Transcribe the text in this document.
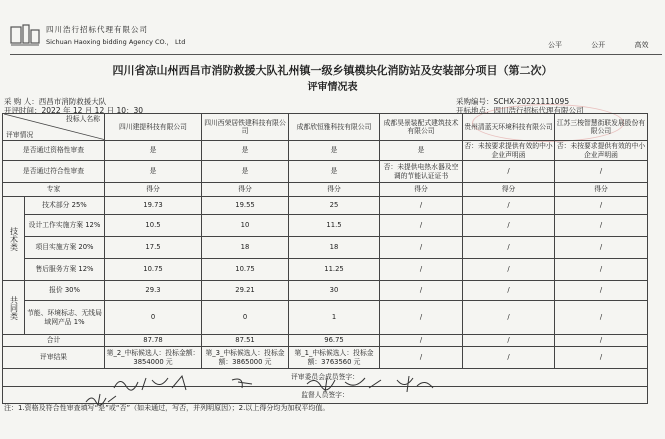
四川浩行招标代理有限公司
Sichuan Haoxing bidding Agency CO.， Ltd	公平	公开	高效
四川省凉山州西昌市消防救援大队礼州镇一级乡镇模块化消防站及安装部分项目（第二次）
评审情况表
采 购 人：西昌市消防救援大队
开评时间：2022 年 12 月 12 日 10：30
采购编号：SCHX-20221111095
开标地点：四川浩行招标代理有限公司
投标人名称
评审情况		四川建提科技有限公司	四川西荣居铁建科技有限公司	成都欣恒雅科技有限公司	成都昊景装配式建筑技术有限公司	贵州清蓝天环境科技有限公司	江苏三梭智慧街联发展股份有限公司
是否通过资格性审查		是	是	是	是	否：未按要求提供有效的中小企业声明函	否：未按要求提供有效的中小企业声明函
是否通过符合性审查		是	是	是	否：未提供电热水器及空调的节能认证证书	/	/
专家		得分	得分	得分	得分	得分	得分
技术类	技术部分 25%	19.73	19.55	25	/	/	/
	设计工作实施方案 12%	10.5	10	11.5	/	/	/
	项目实施方案 20%	17.5	18	18	/	/	/
	售后服务方案 12%	10.75	10.75	11.25	/	/	/
共同类	报价 30%	29.3	29.21	30	/	/	/
	节能、环境标志、无线局域网产品 1%	0	0	1	/	/	/
合计		87.78	87.51	96.75	/	/	/
评审结果		第_2_中标候选人：投标金额：3854000 元	第_3_中标候选人：投标金额：3865000 元	第_1_中标候选人：投标金额：3763560 元	/	/	/
评审委员会成员签字：							
监督人员签字：							
注：1.资格及符合性审查填写“是”或“否”（如未通过，写否，并列明原因）；2.以上得分均为加权平均值。
